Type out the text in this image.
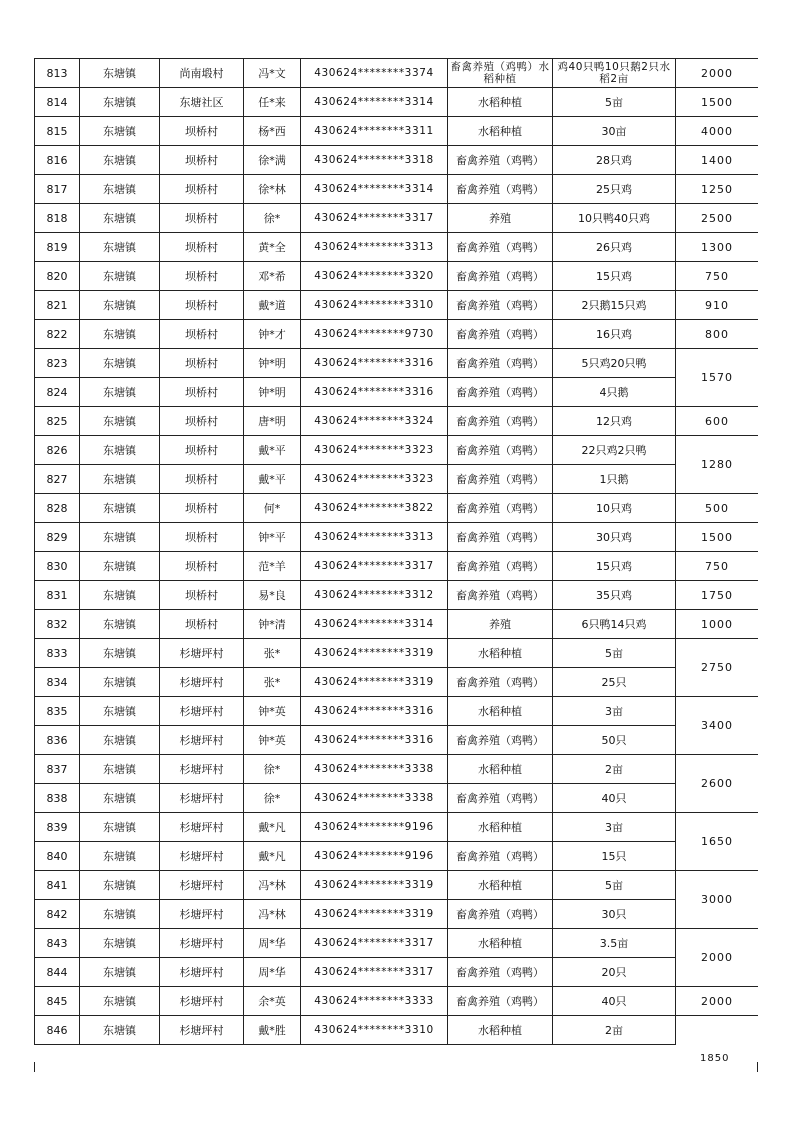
813	东塘镇	尚南塅村	冯*文	430624********3374	畜禽养殖（鸡鸭）水稻种植	鸡40只鸭10只鹅2只水稻2亩	2000
814	东塘镇	东塘社区	任*来	430624********3314	水稻种植	5亩	1500
815	东塘镇	坝桥村	杨*西	430624********3311	水稻种植	30亩	4000
816	东塘镇	坝桥村	徐*满	430624********3318	畜禽养殖（鸡鸭）	28只鸡	1400
817	东塘镇	坝桥村	徐*林	430624********3314	畜禽养殖（鸡鸭）	25只鸡	1250
818	东塘镇	坝桥村	徐*	430624********3317	养殖	10只鸭40只鸡	2500
819	东塘镇	坝桥村	黄*全	430624********3313	畜禽养殖（鸡鸭）	26只鸡	1300
820	东塘镇	坝桥村	邓*希	430624********3320	畜禽养殖（鸡鸭）	15只鸡	750
821	东塘镇	坝桥村	戴*道	430624********3310	畜禽养殖（鸡鸭）	2只鹅15只鸡	910
822	东塘镇	坝桥村	钟*才	430624********9730	畜禽养殖（鸡鸭）	16只鸡	800
823	东塘镇	坝桥村	钟*明	430624********3316	畜禽养殖（鸡鸭）	5只鸡20只鸭	1570
824	东塘镇	坝桥村	钟*明	430624********3316	畜禽养殖（鸡鸭）	4只鹅	
825	东塘镇	坝桥村	唐*明	430624********3324	畜禽养殖（鸡鸭）	12只鸡	600
826	东塘镇	坝桥村	戴*平	430624********3323	畜禽养殖（鸡鸭）	22只鸡2只鸭	1280
827	东塘镇	坝桥村	戴*平	430624********3323	畜禽养殖（鸡鸭）	1只鹅	
828	东塘镇	坝桥村	何*	430624********3822	畜禽养殖（鸡鸭）	10只鸡	500
829	东塘镇	坝桥村	钟*平	430624********3313	畜禽养殖（鸡鸭）	30只鸡	1500
830	东塘镇	坝桥村	范*羊	430624********3317	畜禽养殖（鸡鸭）	15只鸡	750
831	东塘镇	坝桥村	易*良	430624********3312	畜禽养殖（鸡鸭）	35只鸡	1750
832	东塘镇	坝桥村	钟*清	430624********3314	养殖	6只鸭14只鸡	1000
833	东塘镇	杉塘坪村	张*	430624********3319	水稻种植	5亩	2750
834	东塘镇	杉塘坪村	张*	430624********3319	畜禽养殖（鸡鸭）	25只	
835	东塘镇	杉塘坪村	钟*英	430624********3316	水稻种植	3亩	3400
836	东塘镇	杉塘坪村	钟*英	430624********3316	畜禽养殖（鸡鸭）	50只	
837	东塘镇	杉塘坪村	徐*	430624********3338	水稻种植	2亩	2600
838	东塘镇	杉塘坪村	徐*	430624********3338	畜禽养殖（鸡鸭）	40只	
839	东塘镇	杉塘坪村	戴*凡	430624********9196	水稻种植	3亩	1650
840	东塘镇	杉塘坪村	戴*凡	430624********9196	畜禽养殖（鸡鸭）	15只	
841	东塘镇	杉塘坪村	冯*林	430624********3319	水稻种植	5亩	3000
842	东塘镇	杉塘坪村	冯*林	430624********3319	畜禽养殖（鸡鸭）	30只	
843	东塘镇	杉塘坪村	周*华	430624********3317	水稻种植	3.5亩	2000
844	东塘镇	杉塘坪村	周*华	430624********3317	畜禽养殖（鸡鸭）	20只	
845	东塘镇	杉塘坪村	余*英	430624********3333	畜禽养殖（鸡鸭）	40只	2000
846	东塘镇	杉塘坪村	戴*胜	430624********3310	水稻种植	2亩	
1850
